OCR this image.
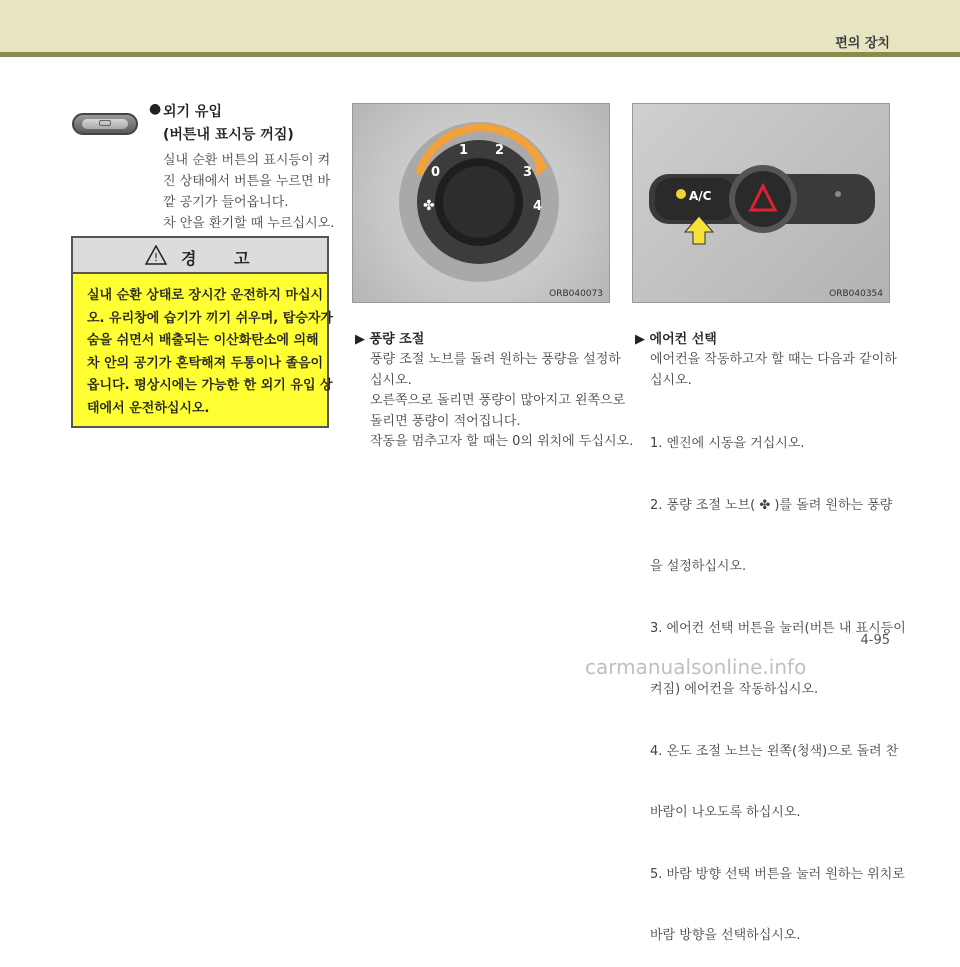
편의 장치
● 외기 유입
(버튼내 표시등 꺼짐)
실내 순환 버튼의 표시등이 켜
진 상태에서 버튼을 누르면 바
깥 공기가 들어옵니다.
차 안을 환기할 때 누르십시오.
! 경 고
실내 순환 상태로 장시간 운전하지 마십시
오. 유리창에 습기가 끼기 쉬우며, 탑승자가
숨을 쉬면서 배출되는 이산화탄소에 의해
차 안의 공기가 혼탁해져 두통이나 졸음이
옵니다. 평상시에는 가능한 한 외기 유입 상
태에서 운전하십시오.
0
1 2
3
4
✤
ORB040073
A/C
ORB040354
▶ 풍량 조절
풍량 조절 노브를 돌려 원하는 풍량을 설정하
십시오.
오른쪽으로 돌리면 풍량이 많아지고 왼쪽으로
돌리면 풍량이 적어집니다.
작동을 멈추고자 할 때는 0의 위치에 두십시오.
▶ 에어컨 선택
에어컨을 작동하고자 할 때는 다음과 같이하
십시오.

1. 엔진에 시동을 거십시오.

2. 풍량 조절 노브( ✤ )를 돌려 원하는 풍량

을 설정하십시오.

3. 에어컨 선택 버튼을 눌러(버튼 내 표시등이

켜짐) 에어컨을 작동하십시오.

4. 온도 조절 노브는 왼쪽(청색)으로 돌려 찬

바람이 나오도록 하십시오.

5. 바람 방향 선택 버튼을 눌러 원하는 위치로

바람 방향을 선택하십시오.

4-95
carmanualsonline.info
